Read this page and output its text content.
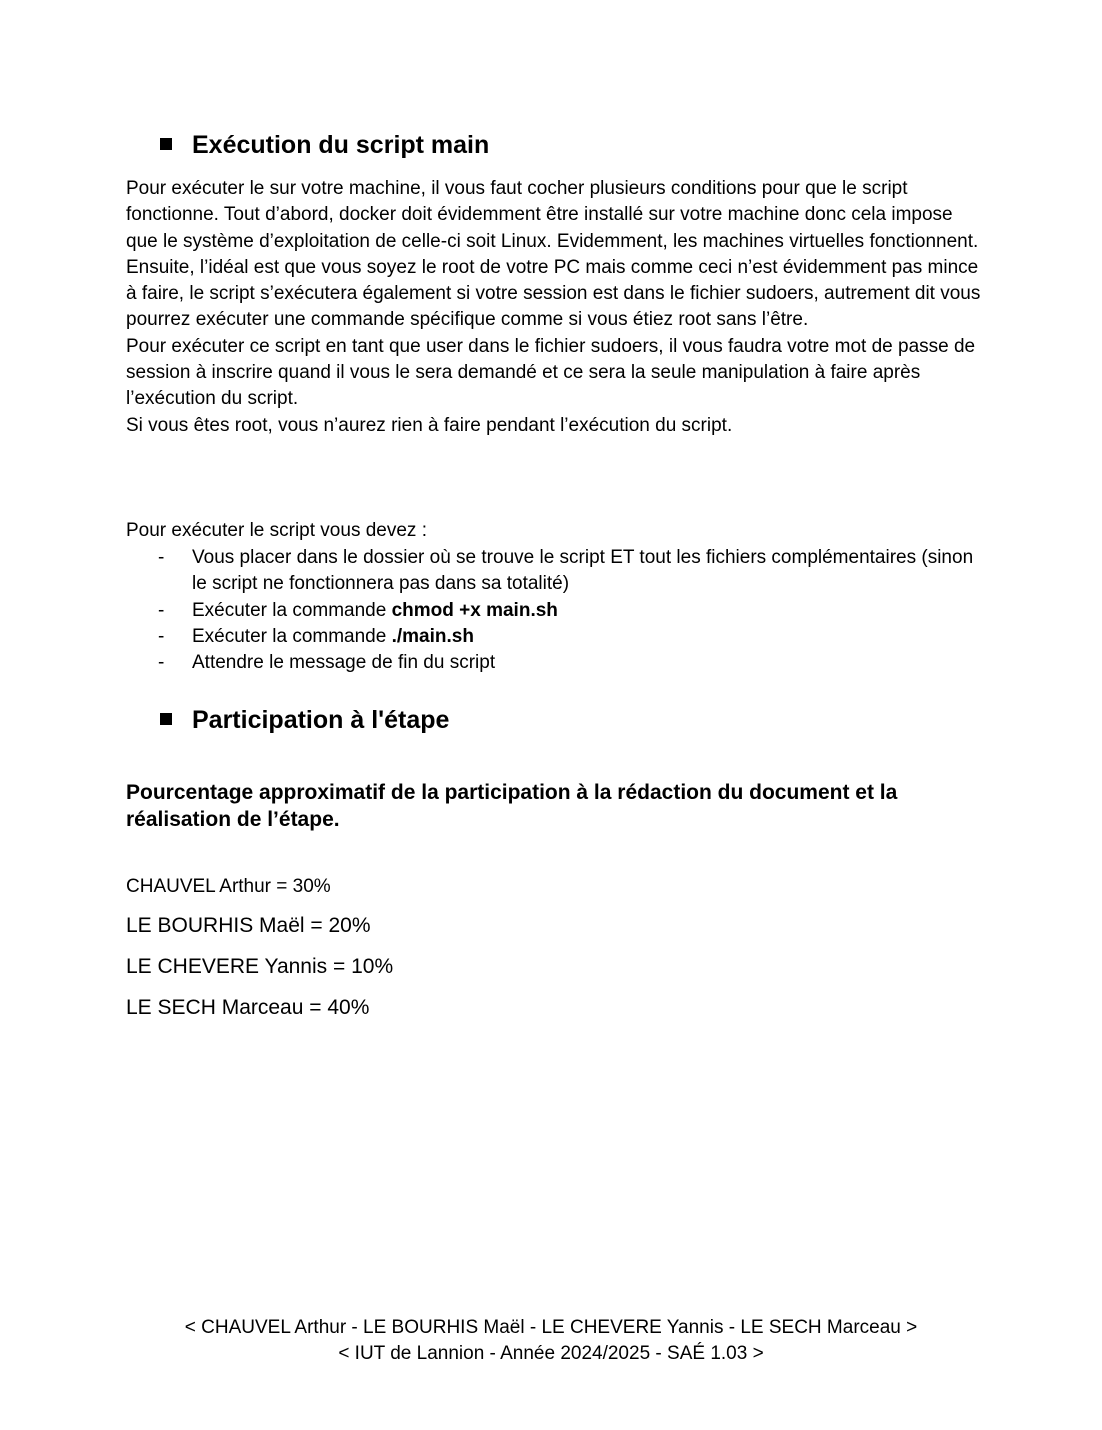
Exécution du script main

Pour exécuter le sur votre machine, il vous faut cocher plusieurs conditions pour que le script fonctionne. Tout d’abord, docker doit évidemment être installé sur votre machine donc cela impose que le système d’exploitation de celle-ci soit Linux. Evidemment, les machines virtuelles fonctionnent.

Ensuite, l’idéal est que vous soyez le root de votre PC mais comme ceci n’est évidemment pas mince à faire, le script s’exécutera également si votre session est dans le fichier sudoers, autrement dit vous pourrez exécuter une commande spécifique comme si vous étiez root sans l’être.

Pour exécuter ce script en tant que user dans le fichier sudoers, il vous faudra votre mot de passe de session à inscrire quand il vous le sera demandé et ce sera la seule manipulation à faire après l’exécution du script.

Si vous êtes root, vous n’aurez rien à faire pendant l’exécution du script.

Pour exécuter le script vous devez :
- Vous placer dans le dossier où se trouve le script ET tout les fichiers complémentaires (sinon le script ne fonctionnera pas dans sa totalité)
- Exécuter la commande chmod +x main.sh
- Exécuter la commande ./main.sh
- Attendre le message de fin du script
Participation à l'étape
Pourcentage approximatif de la participation à la rédaction du document et la réalisation de l’étape.
CHAUVEL Arthur = 30%
LE BOURHIS Maël = 20%
LE CHEVERE Yannis = 10%
LE SECH Marceau = 40%
< CHAUVEL Arthur - LE BOURHIS Maël - LE CHEVERE Yannis - LE SECH Marceau >
< IUT de Lannion - Année 2024/2025 - SAÉ 1.03 >
